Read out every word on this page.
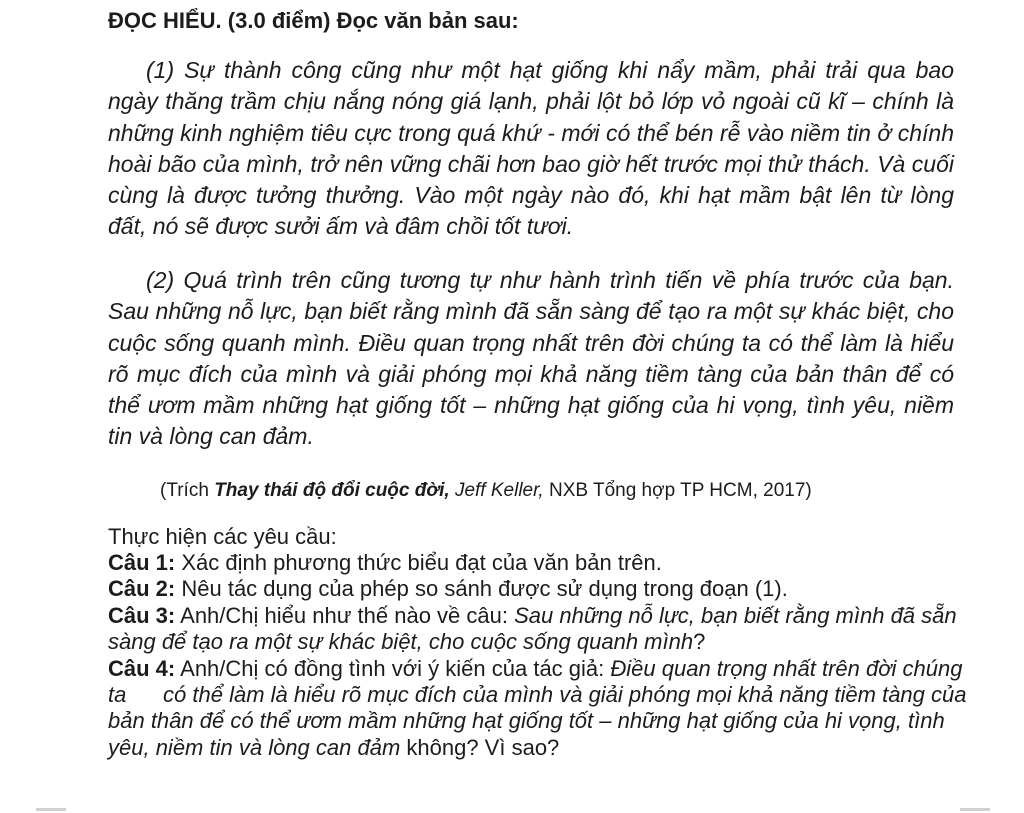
ĐỌC HIỂU. (3.0 điểm) Đọc văn bản sau:

(1) Sự thành công cũng như một hạt giống khi nẩy mầm, phải trải qua bao ngày thăng trầm chịu nắng nóng giá lạnh, phải lột bỏ lớp vỏ ngoài cũ kĩ – chính là những kinh nghiệm tiêu cực trong quá khứ - mới có thể bén rễ vào niềm tin ở chính hoài bão của mình, trở nên vững chãi hơn bao giờ hết trước mọi thử thách. Và cuối cùng là được tưởng thưởng. Vào một ngày nào đó, khi hạt mầm bật lên từ lòng đất, nó sẽ được sưởi ấm và đâm chồi tốt tươi.

(2) Quá trình trên cũng tương tự như hành trình tiến về phía trước của bạn. Sau những nỗ lực, bạn biết rằng mình đã sẵn sàng để tạo ra một sự khác biệt, cho cuộc sống quanh mình. Điều quan trọng nhất trên đời chúng ta có thể làm là hiểu rõ mục đích của mình và giải phóng mọi khả năng tiềm tàng của bản thân để có thể ươm mầm những hạt giống tốt – những hạt giống của hi vọng, tình yêu, niềm tin và lòng can đảm.

(Trích Thay thái độ đổi cuộc đời, Jeff Keller, NXB Tổng hợp TP HCM, 2017)
Thực hiện các yêu cầu:

Câu 1: Xác định phương thức biểu đạt của văn bản trên.

Câu 2: Nêu tác dụng của phép so sánh được sử dụng trong đoạn (1).

Câu 3: Anh/Chị hiểu như thế nào về câu: Sau những nỗ lực, bạn biết rằng mình đã sẵn sàng để tạo ra một sự khác biệt, cho cuộc sống quanh mình?

Câu 4: Anh/Chị có đồng tình với ý kiến của tác giả: Điều quan trọng nhất trên đời chúng ta      có thể làm là hiểu rõ mục đích của mình và giải phóng mọi khả năng tiềm tàng của bản thân để có thể ươm mầm những hạt giống tốt – những hạt giống của hi vọng, tình yêu, niềm tin và lòng can đảm không? Vì sao?
